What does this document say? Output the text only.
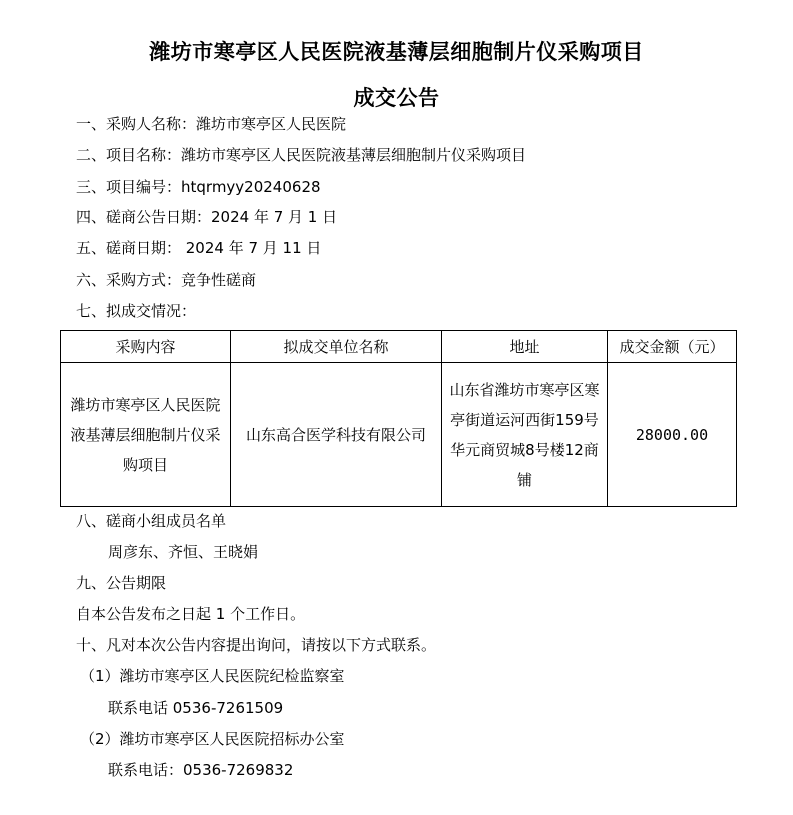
潍坊市寒亭区人民医院液基薄层细胞制片仪采购项目
成交公告
一、采购人名称：潍坊市寒亭区人民医院
二、项目名称：潍坊市寒亭区人民医院液基薄层细胞制片仪采购项目
三、项目编号：htqrmyy20240628
四、磋商公告日期：2024 年 7 月 1 日
五、磋商日期： 2024 年 7 月 11 日
六、采购方式：竞争性磋商
七、拟成交情况：
采购内容	拟成交单位名称	地址	成交金额（元）
潍坊市寒亭区人民医院液基薄层细胞制片仪采购项目	山东高合医学科技有限公司	山东省潍坊市寒亭区寒亭街道运河西街159号华元商贸城8号楼12商铺	28000.00
八、磋商小组成员名单
周彦东、齐恒、王晓娟
九、公告期限
自本公告发布之日起 1 个工作日。
十、凡对本次公告内容提出询问，请按以下方式联系。
（1）潍坊市寒亭区人民医院纪检监察室
联系电话 0536-7261509
（2）潍坊市寒亭区人民医院招标办公室
联系电话：0536-7269832
